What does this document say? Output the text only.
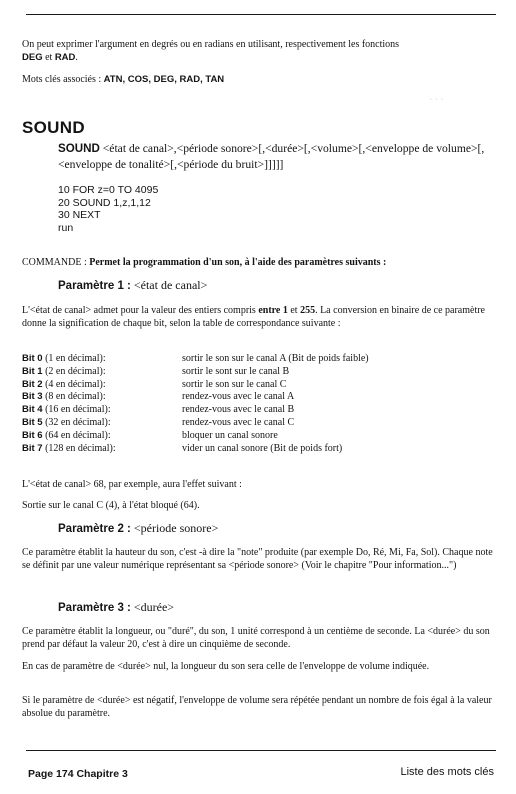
On peut exprimer l'argument en degrés ou en radians en utilisant, respectivement les fonctions
DEG et RAD.
Mots clés associés : ATN, COS, DEG, RAD, TAN
· · ·
SOUND
SOUND <état de canal>,<période sonore>[,<durée>[,<volume>[,<enveloppe de volume>[,<enveloppe de tonalité>[,<période du bruit>]]]]]
10 FOR z=0 TO 4095
20 SOUND 1,z,1,12
30 NEXT
run
COMMANDE : Permet la programmation d'un son, à l'aide des paramètres suivants :
Paramètre 1 : <état de canal>
L'<état de canal> admet pour la valeur des entiers compris entre 1 et 255. La conversion en binaire de ce paramètre donne la signification de chaque bit, selon la table de correspondance suivante :
Bit 0 (1 en décimal):	sortir le son sur le canal A (Bit de poids faible)
Bit 1 (2 en décimal):	sortir le sont sur le canal B
Bit 2 (4 en décimal):	sortir le son sur le canal C
Bit 3 (8 en décimal):	rendez-vous avec le canal A
Bit 4 (16 en décimal):	rendez-vous avec le canal B
Bit 5 (32 en décimal):	rendez-vous avec le canal C
Bit 6 (64 en décimal):	bloquer un canal sonore
Bit 7 (128 en décimal):	vider un canal sonore (Bit de poids fort)
L'<état de canal> 68, par exemple, aura l'effet suivant :
Sortie sur le canal C (4), à l'état bloqué (64).
Paramètre 2 : <période sonore>
Ce paramètre établit la hauteur du son, c'est -à dire la "note" produite (par exemple Do, Ré, Mi, Fa, Sol). Chaque note se définit par une valeur numérique représentant sa <période sonore> (Voir le chapitre "Pour information...")
Paramètre 3 : <durée>
Ce paramètre établit la longueur, ou "duré", du son, 1 unité correspond à un centième de seconde. La <durée> du son prend par défaut la valeur 20, c'est à dire un cinquième de seconde.
En cas de paramètre de <durée> nul, la longueur du son sera celle de l'enveloppe de volume indiquée.
Si le paramètre de <durée> est négatif, l'enveloppe de volume sera répétée pendant un nombre de fois égal à la valeur absolue du paramètre.
Page 174 Chapitre 3	Liste des mots clés
